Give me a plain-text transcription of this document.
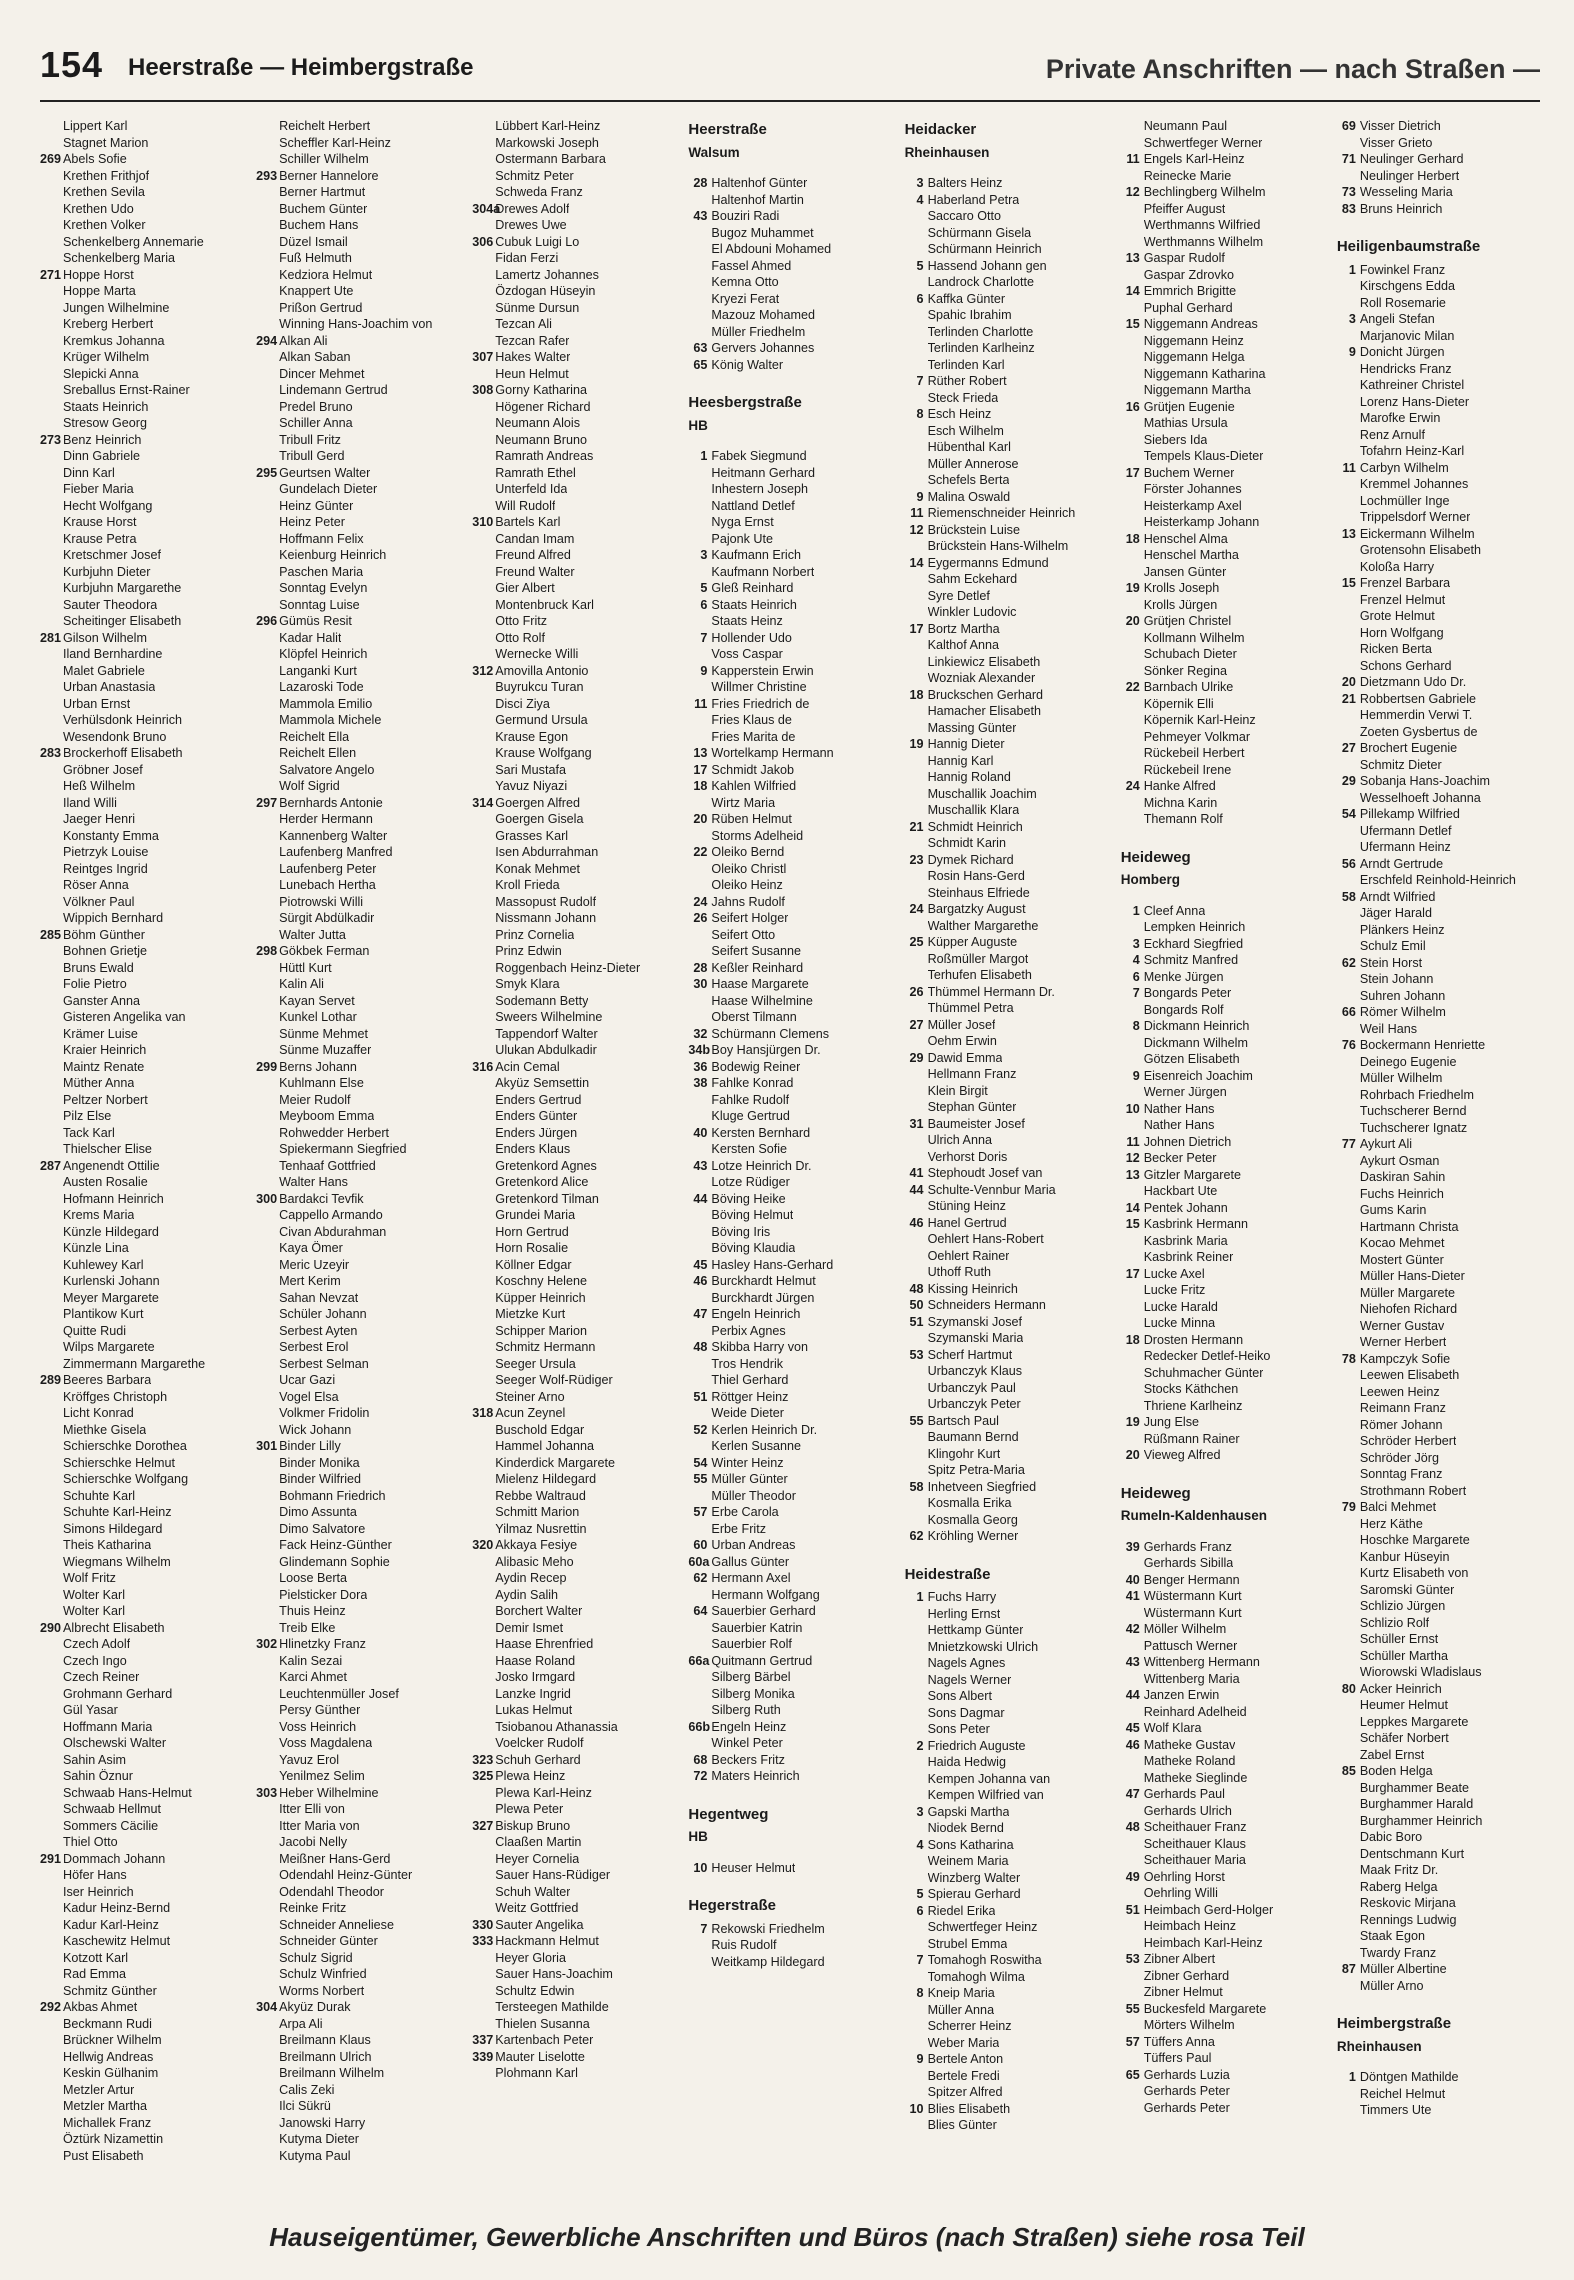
154 Heerstraße — Heimbergstraße	Private Anschriften — nach Straßen —
Lippert Karl
Stagnet Marion
269 Abels Sofie
Krethen Frithjof
Krethen Sevila
Krethen Udo
Krethen Volker
Schenkelberg Annemarie
Schenkelberg Maria
271 Hoppe Horst
Hoppe Marta
Jungen Wilhelmine
Kreberg Herbert
Kremkus Johanna
Krüger Wilhelm
Slepicki Anna
Sreballus Ernst-Rainer
Staats Heinrich
Stresow Georg
273 Benz Heinrich
Dinn Gabriele
Dinn Karl
Fieber Maria
Hecht Wolfgang
Krause Horst
Krause Petra
Kretschmer Josef
Kurbjuhn Dieter
Kurbjuhn Margarethe
Sauter Theodora
Scheitinger Elisabeth
281 Gilson Wilhelm
Iland Bernhardine
Malet Gabriele
Urban Anastasia
Urban Ernst
Verhülsdonk Heinrich
Wesendonk Bruno
283 Brockerhoff Elisabeth
Gröbner Josef
Heß Wilhelm
Iland Willi
Jaeger Henri
Konstanty Emma
Pietrzyk Louise
Reintges Ingrid
Röser Anna
Völkner Paul
Wippich Bernhard
285 Böhm Günther
Bohnen Grietje
Bruns Ewald
Folie Pietro
Ganster Anna
Gisteren Angelika van
Krämer Luise
Kraier Heinrich
Maintz Renate
Müther Anna
Peltzer Norbert
Pilz Else
Tack Karl
Thielscher Elise
287 Angenendt Ottilie
Austen Rosalie
Hofmann Heinrich
Krems Maria
Künzle Hildegard
Künzle Lina
Kuhlewey Karl
Kurlenski Johann
Meyer Margarete
Plantikow Kurt
Quitte Rudi
Wilps Margarete
Zimmermann Margarethe
289 Beeres Barbara
Kröffges Christoph
Licht Konrad
Miethke Gisela
Schierschke Dorothea
Schierschke Helmut
Schierschke Wolfgang
Schuhte Karl
Schuhte Karl-Heinz
Simons Hildegard
Theis Katharina
Wiegmans Wilhelm
Wolf Fritz
Wolter Karl
Wolter Karl
290 Albrecht Elisabeth
Czech Adolf
Czech Ingo
Czech Reiner
Grohmann Gerhard
Gül Yasar
Hoffmann Maria
Olschewski Walter
Sahin Asim
Sahin Öznur
Schwaab Hans-Helmut
Schwaab Hellmut
Sommers Cäcilie
Thiel Otto
291 Dommach Johann
Höfer Hans
Iser Heinrich
Kadur Heinz-Bernd
Kadur Karl-Heinz
Kaschewitz Helmut
Kotzott Karl
Rad Emma
Schmitz Günther
292 Akbas Ahmet
Beckmann Rudi
Brückner Wilhelm
Hellwig Andreas
Keskin Gülhanim
Metzler Artur
Metzler Martha
Michallek Franz
Öztürk Nizamettin
Pust Elisabeth
Reichelt Herbert
Scheffler Karl-Heinz
Schiller Wilhelm
293 Berner Hannelore
Berner Hartmut
Buchem Günter
Buchem Hans
Düzel Ismail
Fuß Helmuth
Kedziora Helmut
Knappert Ute
Prißon Gertrud
Winning Hans-Joachim von
294 Alkan Ali
Alkan Saban
Dincer Mehmet
Lindemann Gertrud
Predel Bruno
Schiller Anna
Tribull Fritz
Tribull Gerd
295 Geurtsen Walter
Gundelach Dieter
Heinz Günter
Heinz Peter
Hoffmann Felix
Keienburg Heinrich
Paschen Maria
Sonntag Evelyn
Sonntag Luise
296 Gümüs Resit
Kadar Halit
Klöpfel Heinrich
Langanki Kurt
Lazaroski Tode
Mammola Emilio
Mammola Michele
Reichelt Ella
Reichelt Ellen
Salvatore Angelo
Wolf Sigrid
297 Bernhards Antonie
Herder Hermann
Kannenberg Walter
Laufenberg Manfred
Laufenberg Peter
Lunebach Hertha
Piotrowski Willi
Sürgit Abdülkadir
Walter Jutta
298 Gökbek Ferman
Hüttl Kurt
Kalin Ali
Kayan Servet
Kunkel Lothar
Sünme Mehmet
Sünme Muzaffer
299 Berns Johann
Kuhlmann Else
Meier Rudolf
Meyboom Emma
Rohwedder Herbert
Spiekermann Siegfried
Tenhaaf Gottfried
Walter Hans
300 Bardakci Tevfik
Cappello Armando
Civan Abdurahman
Kaya Ömer
Meric Uzeyir
Mert Kerim
Sahan Nevzat
Schüler Johann
Serbest Ayten
Serbest Erol
Serbest Selman
Ucar Gazi
Vogel Elsa
Volkmer Fridolin
Wick Johann
301 Binder Lilly
Binder Monika
Binder Wilfried
Bohmann Friedrich
Dimo Assunta
Dimo Salvatore
Fack Heinz-Günther
Glindemann Sophie
Loose Berta
Pielsticker Dora
Thuis Heinz
Treib Elke
302 Hlinetzky Franz
Kalin Sezai
Karci Ahmet
Leuchtenmüller Josef
Persy Günther
Voss Heinrich
Voss Magdalena
Yavuz Erol
Yenilmez Selim
303 Heber Wilhelmine
Itter Elli von
Itter Maria von
Jacobi Nelly
Meißner Hans-Gerd
Odendahl Heinz-Günter
Odendahl Theodor
Reinke Fritz
Schneider Anneliese
Schneider Günter
Schulz Sigrid
Schulz Winfried
Worms Norbert
304 Akyüz Durak
Arpa Ali
Breilmann Klaus
Breilmann Ulrich
Breilmann Wilhelm
Calis Zeki
Ilci Sükrü
Janowski Harry
Kutyma Dieter
Kutyma Paul
Lübbert Karl-Heinz
Markowski Joseph
Ostermann Barbara
Schmitz Peter
Schweda Franz
304a
Drewes Adolf
Drewes Uwe
306 Cubuk Luigi Lo
Fidan Ferzi
Lamertz Johannes
Özdogan Hüseyin
Sünme Dursun
Tezcan Ali
Tezcan Rafer
307 Hakes Walter
Heun Helmut
308 Gorny Katharina
Högener Richard
Neumann Alois
Neumann Bruno
Ramrath Andreas
Ramrath Ethel
Unterfeld Ida
Will Rudolf
310 Bartels Karl
Candan Imam
Freund Alfred
Freund Walter
Gier Albert
Montenbruck Karl
Otto Fritz
Otto Rolf
Wernecke Willi
312 Amovilla Antonio
Buyrukcu Turan
Disci Ziya
Germund Ursula
Krause Egon
Krause Wolfgang
Sari Mustafa
Yavuz Niyazi
314 Goergen Alfred
Goergen Gisela
Grasses Karl
Isen Abdurrahman
Konak Mehmet
Kroll Frieda
Massopust Rudolf
Nissmann Johann
Prinz Cornelia
Prinz Edwin
Roggenbach Heinz-Dieter
Smyk Klara
Sodemann Betty
Sweers Wilhelmine
Tappendorf Walter
Ulukan Abdulkadir
316 Acin Cemal
Akyüz Semsettin
Enders Gertrud
Enders Günter
Enders Jürgen
Enders Klaus
Gretenkord Agnes
Gretenkord Alice
Gretenkord Tilman
Grundei Maria
Horn Gertrud
Horn Rosalie
Köllner Edgar
Koschny Helene
Küpper Heinrich
Mietzke Kurt
Schipper Marion
Schmitz Hermann
Seeger Ursula
Seeger Wolf-Rüdiger
Steiner Arno
318 Acun Zeynel
Buschold Edgar
Hammel Johanna
Kinderdick Margarete
Mielenz Hildegard
Rebbe Waltraud
Schmitt Marion
Yilmaz Nusrettin
320 Akkaya Fesiye
Alibasic Meho
Aydin Recep
Aydin Salih
Borchert Walter
Demir Ismet
Haase Ehrenfried
Haase Roland
Josko Irmgard
Lanzke Ingrid
Lukas Helmut
Tsiobanou Athanassia
Voelcker Rudolf
323 Schuh Gerhard
325 Plewa Heinz
Plewa Karl-Heinz
Plewa Peter
327 Biskup Bruno
Claaßen Martin
Heyer Cornelia
Sauer Hans-Rüdiger
Schuh Walter
Weitz Gottfried
330 Sauter Angelika
333 Hackmann Helmut
Heyer Gloria
Sauer Hans-Joachim
Schultz Edwin
Tersteegen Mathilde
Thielen Susanna
337 Kartenbach Peter
339 Mauter Liselotte
Plohmann Karl
Heerstraße
Walsum
28 Haltenhof Günter
Haltenhof Martin
43 Bouziri Radi
Bugoz Muhammet
El Abdouni Mohamed
Fassel Ahmed
Kemna Otto
Kryezi Ferat
Mazouz Mohamed
Müller Friedhelm
63 Gervers Johannes
65 König Walter
Heesbergstraße
HB
1 Fabek Siegmund
Heitmann Gerhard
Inhestern Joseph
Nattland Detlef
Nyga Ernst
Pajonk Ute
3 Kaufmann Erich
Kaufmann Norbert
5 Gleß Reinhard
6 Staats Heinrich
Staats Heinz
7 Hollender Udo
Voss Caspar
9 Kapperstein Erwin
Willmer Christine
11 Fries Friedrich de
Fries Klaus de
Fries Marita de
13 Wortelkamp Hermann
17 Schmidt Jakob
18 Kahlen Wilfried
Wirtz Maria
20 Rüben Helmut
Storms Adelheid
22 Oleiko Bernd
Oleiko Christl
Oleiko Heinz
24 Jahns Rudolf
26 Seifert Holger
Seifert Otto
Seifert Susanne
28 Keßler Reinhard
30 Haase Margarete
Haase Wilhelmine
Oberst Tilmann
32 Schürmann Clemens
34b Boy Hansjürgen Dr.
36 Bodewig Reiner
38 Fahlke Konrad
Fahlke Rudolf
Kluge Gertrud
40 Kersten Bernhard
Kersten Sofie
43 Lotze Heinrich Dr.
Lotze Rüdiger
44 Böving Heike
Böving Helmut
Böving Iris
Böving Klaudia
45 Hasley Hans-Gerhard
46 Burckhardt Helmut
Burckhardt Jürgen
47 Engeln Heinrich
Perbix Agnes
48 Skibba Harry von
Tros Hendrik
Thiel Gerhard
51 Röttger Heinz
Weide Dieter
52 Kerlen Heinrich Dr.
Kerlen Susanne
54 Winter Heinz
55 Müller Günter
Müller Theodor
57 Erbe Carola
Erbe Fritz
60 Urban Andreas
60a Gallus Günter
62 Hermann Axel
Hermann Wolfgang
64 Sauerbier Gerhard
Sauerbier Katrin
Sauerbier Rolf
66a Quitmann Gertrud
Silberg Bärbel
Silberg Monika
Silberg Ruth
66b Engeln Heinz
Winkel Peter
68 Beckers Fritz
72 Maters Heinrich
Hegentweg
HB
10 Heuser Helmut
Hegerstraße
7 Rekowski Friedhelm
Ruis Rudolf
Weitkamp Hildegard
Heidacker
Rheinhausen
3 Balters Heinz
4 Haberland Petra
Saccaro Otto
Schürmann Gisela
Schürmann Heinrich
5 Hassend Johann gen
Landrock Charlotte
6 Kaffka Günter
Spahic Ibrahim
Terlinden Charlotte
Terlinden Karlheinz
Terlinden Karl
7 Rüther Robert
Steck Frieda
8 Esch Heinz
Esch Wilhelm
Hübenthal Karl
Müller Annerose
Schefels Berta
9 Malina Oswald
11 Riemenschneider Heinrich
12 Brückstein Luise
Brückstein Hans-Wilhelm
14 Eygermanns Edmund
Sahm Eckehard
Syre Detlef
Winkler Ludovic
17 Bortz Martha
Kalthof Anna
Linkiewicz Elisabeth
Wozniak Alexander
18 Bruckschen Gerhard
Hamacher Elisabeth
Massing Günter
19 Hannig Dieter
Hannig Karl
Hannig Roland
Muschallik Joachim
Muschallik Klara
21 Schmidt Heinrich
Schmidt Karin
23 Dymek Richard
Rosin Hans-Gerd
Steinhaus Elfriede
24 Bargatzky August
Walther Margarethe
25 Küpper Auguste
Roßmüller Margot
Terhufen Elisabeth
26 Thümmel Hermann Dr.
Thümmel Petra
27 Müller Josef
Oehm Erwin
29 Dawid Emma
Hellmann Franz
Klein Birgit
Stephan Günter
31 Baumeister Josef
Ulrich Anna
Verhorst Doris
41 Stephoudt Josef van
44 Schulte-Vennbur Maria
Stüning Heinz
46 Hanel Gertrud
Oehlert Hans-Robert
Oehlert Rainer
Uthoff Ruth
48 Kissing Heinrich
50 Schneiders Hermann
51 Szymanski Josef
Szymanski Maria
53 Scherf Hartmut
Urbanczyk Klaus
Urbanczyk Paul
Urbanczyk Peter
55 Bartsch Paul
Baumann Bernd
Klingohr Kurt
Spitz Petra-Maria
58 Inhetveen Siegfried
Kosmalla Erika
Kosmalla Georg
62 Kröhling Werner
Heidestraße
1 Fuchs Harry
Herling Ernst
Hettkamp Günter
Mnietzkowski Ulrich
Nagels Agnes
Nagels Werner
Sons Albert
Sons Dagmar
Sons Peter
2 Friedrich Auguste
Haida Hedwig
Kempen Johanna van
Kempen Wilfried van
3 Gapski Martha
Niodek Bernd
4 Sons Katharina
Weinem Maria
Winzberg Walter
5 Spierau Gerhard
6 Riedel Erika
Schwertfeger Heinz
Strubel Emma
7 Tomahogh Roswitha
Tomahogh Wilma
8 Kneip Maria
Müller Anna
Scherrer Heinz
Weber Maria
9 Bertele Anton
Bertele Fredi
Spitzer Alfred
10 Blies Elisabeth
Blies Günter
Neumann Paul
Schwertfeger Werner
11 Engels Karl-Heinz
Reinecke Marie
12 Bechlingberg Wilhelm
Pfeiffer August
Werthmanns Wilfried
Werthmanns Wilhelm
13 Gaspar Rudolf
Gaspar Zdrovko
14 Emmrich Brigitte
Puphal Gerhard
15 Niggemann Andreas
Niggemann Heinz
Niggemann Helga
Niggemann Katharina
Niggemann Martha
16 Grütjen Eugenie
Mathias Ursula
Siebers Ida
Tempels Klaus-Dieter
17 Buchem Werner
Förster Johannes
Heisterkamp Axel
Heisterkamp Johann
18 Henschel Alma
Henschel Martha
Jansen Günter
19 Krolls Joseph
Krolls Jürgen
20 Grütjen Christel
Kollmann Wilhelm
Schubach Dieter
Sönker Regina
22 Barnbach Ulrike
Köpernik Elli
Köpernik Karl-Heinz
Pehmeyer Volkmar
Rückebeil Herbert
Rückebeil Irene
24 Hanke Alfred
Michna Karin
Themann Rolf
Heideweg
Homberg
1 Cleef Anna
Lempken Heinrich
3 Eckhard Siegfried
4 Schmitz Manfred
6 Menke Jürgen
7 Bongards Peter
Bongards Rolf
8 Dickmann Heinrich
Dickmann Wilhelm
Götzen Elisabeth
9 Eisenreich Joachim
Werner Jürgen
10 Nather Hans
Nather Hans
11 Johnen Dietrich
12 Becker Peter
13 Gitzler Margarete
Hackbart Ute
14 Pentek Johann
15 Kasbrink Hermann
Kasbrink Maria
Kasbrink Reiner
17 Lucke Axel
Lucke Fritz
Lucke Harald
Lucke Minna
18 Drosten Hermann
Redecker Detlef-Heiko
Schuhmacher Günter
Stocks Käthchen
Thriene Karlheinz
19 Jung Else
Rüßmann Rainer
20 Vieweg Alfred
Heideweg
Rumeln-Kaldenhausen
39 Gerhards Franz
Gerhards Sibilla
40 Benger Hermann
41 Wüstermann Kurt
Wüstermann Kurt
42 Möller Wilhelm
Pattusch Werner
43 Wittenberg Hermann
Wittenberg Maria
44 Janzen Erwin
Reinhard Adelheid
45 Wolf Klara
46 Matheke Gustav
Matheke Roland
Matheke Sieglinde
47 Gerhards Paul
Gerhards Ulrich
48 Scheithauer Franz
Scheithauer Klaus
Scheithauer Maria
49 Oehrling Horst
Oehrling Willi
51 Heimbach Gerd-Holger
Heimbach Heinz
Heimbach Karl-Heinz
53 Zibner Albert
Zibner Gerhard
Zibner Helmut
55 Buckesfeld Margarete
Mörters Wilhelm
57 Tüffers Anna
Tüffers Paul
65 Gerhards Luzia
Gerhards Peter
Gerhards Peter
69 Visser Dietrich
Visser Grieto
71 Neulinger Gerhard
Neulinger Herbert
73 Wesseling Maria
83 Bruns Heinrich
Heiligenbaumstraße
1 Fowinkel Franz
Kirschgens Edda
Roll Rosemarie
3 Angeli Stefan
Marjanovic Milan
9 Donicht Jürgen
Hendricks Franz
Kathreiner Christel
Lorenz Hans-Dieter
Marofke Erwin
Renz Arnulf
Tofahrn Heinz-Karl
11 Carbyn Wilhelm
Kremmel Johannes
Lochmüller Inge
Trippelsdorf Werner
13 Eickermann Wilhelm
Grotensohn Elisabeth
Koloßa Harry
15 Frenzel Barbara
Frenzel Helmut
Grote Helmut
Horn Wolfgang
Ricken Berta
Schons Gerhard
20 Dietzmann Udo Dr.
21 Robbertsen Gabriele
Hemmerdin Verwi T.
Zoeten Gysbertus de
27 Brochert Eugenie
Schmitz Dieter
29 Sobanja Hans-Joachim
Wesselhoeft Johanna
54 Pillekamp Wilfried
Ufermann Detlef
Ufermann Heinz
56 Arndt Gertrude
Erschfeld Reinhold-Heinrich
58 Arndt Wilfried
Jäger Harald
Plänkers Heinz
Schulz Emil
62 Stein Horst
Stein Johann
Suhren Johann
66 Römer Wilhelm
Weil Hans
76 Bockermann Henriette
Deinego Eugenie
Müller Wilhelm
Rohrbach Friedhelm
Tuchscherer Bernd
Tuchscherer Ignatz
77 Aykurt Ali
Aykurt Osman
Daskiran Sahin
Fuchs Heinrich
Gums Karin
Hartmann Christa
Kocao Mehmet
Mostert Günter
Müller Hans-Dieter
Müller Margarete
Niehofen Richard
Werner Gustav
Werner Herbert
78 Kampczyk Sofie
Leewen Elisabeth
Leewen Heinz
Reimann Franz
Römer Johann
Schröder Herbert
Schröder Jörg
Sonntag Franz
Strothmann Robert
79 Balci Mehmet
Herz Käthe
Hoschke Margarete
Kanbur Hüseyin
Kurtz Elisabeth von
Saromski Günter
Schlizio Jürgen
Schlizio Rolf
Schüller Ernst
Schüller Martha
Wiorowski Wladislaus
80 Acker Heinrich
Heumer Helmut
Leppkes Margarete
Schäfer Norbert
Zabel Ernst
85 Boden Helga
Burghammer Beate
Burghammer Harald
Burghammer Heinrich
Dabic Boro
Dentschmann Kurt
Maak Fritz Dr.
Raberg Helga
Reskovic Mirjana
Rennings Ludwig
Staak Egon
Twardy Franz
87 Müller Albertine
Müller Arno
Heimbergstraße
Rheinhausen
1 Döntgen Mathilde
Reichel Helmut
Timmers Ute
Hauseigentümer, Gewerbliche Anschriften und Büros (nach Straßen) siehe rosa Teil
